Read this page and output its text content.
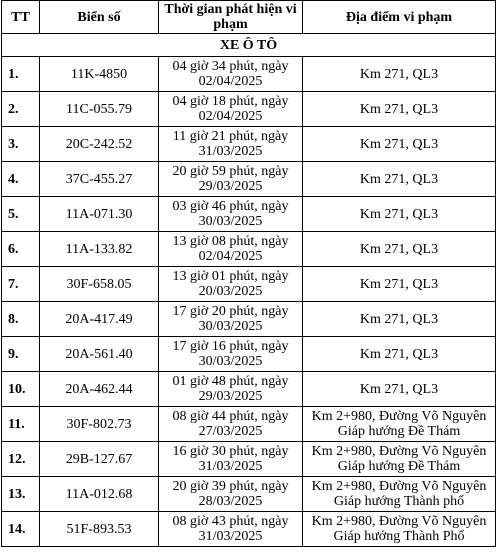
TT	Biển số	Thời gian phát hiện vi phạm	Địa điểm vi phạm
XE Ô TÔ			
1.	11K-4850	04 giờ 34 phút, ngày 02/04/2025	Km 271, QL3
2.	11C-055.79	04 giờ 18 phút, ngày 02/04/2025	Km 271, QL3
3.	20C-242.52	11 giờ 21 phút, ngày 31/03/2025	Km 271, QL3
4.	37C-455.27	20 giờ 59 phút, ngày 29/03/2025	Km 271, QL3
5.	11A-071.30	03 giờ 46 phút, ngày 30/03/2025	Km 271, QL3
6.	11A-133.82	13 giờ 08 phút, ngày 02/04/2025	Km 271, QL3
7.	30F-658.05	13 giờ 01 phút, ngày 20/03/2025	Km 271, QL3
8.	20A-417.49	17 giờ 20 phút, ngày 30/03/2025	Km 271, QL3
9.	20A-561.40	17 giờ 16 phút, ngày 30/03/2025	Km 271, QL3
10.	20A-462.44	01 giờ 48 phút, ngày 29/03/2025	Km 271, QL3
11.	30F-802.73	08 giờ 44 phút, ngày 27/03/2025	Km 2+980, Đường Võ Nguyên Giáp hướng Đề Thám
12.	29B-127.67	16 giờ 30 phút, ngày 31/03/2025	Km 2+980, Đường Võ Nguyên Giáp hướng Đề Thám
13.	11A-012.68	20 giờ 39 phút, ngày 28/03/2025	Km 2+980, Đường Võ Nguyên Giáp hướng Thành phố
14.	51F-893.53	08 giờ 43 phút, ngày 31/03/2025	Km 2+980, Đường Võ Nguyên Giáp hướng Thành Phố
